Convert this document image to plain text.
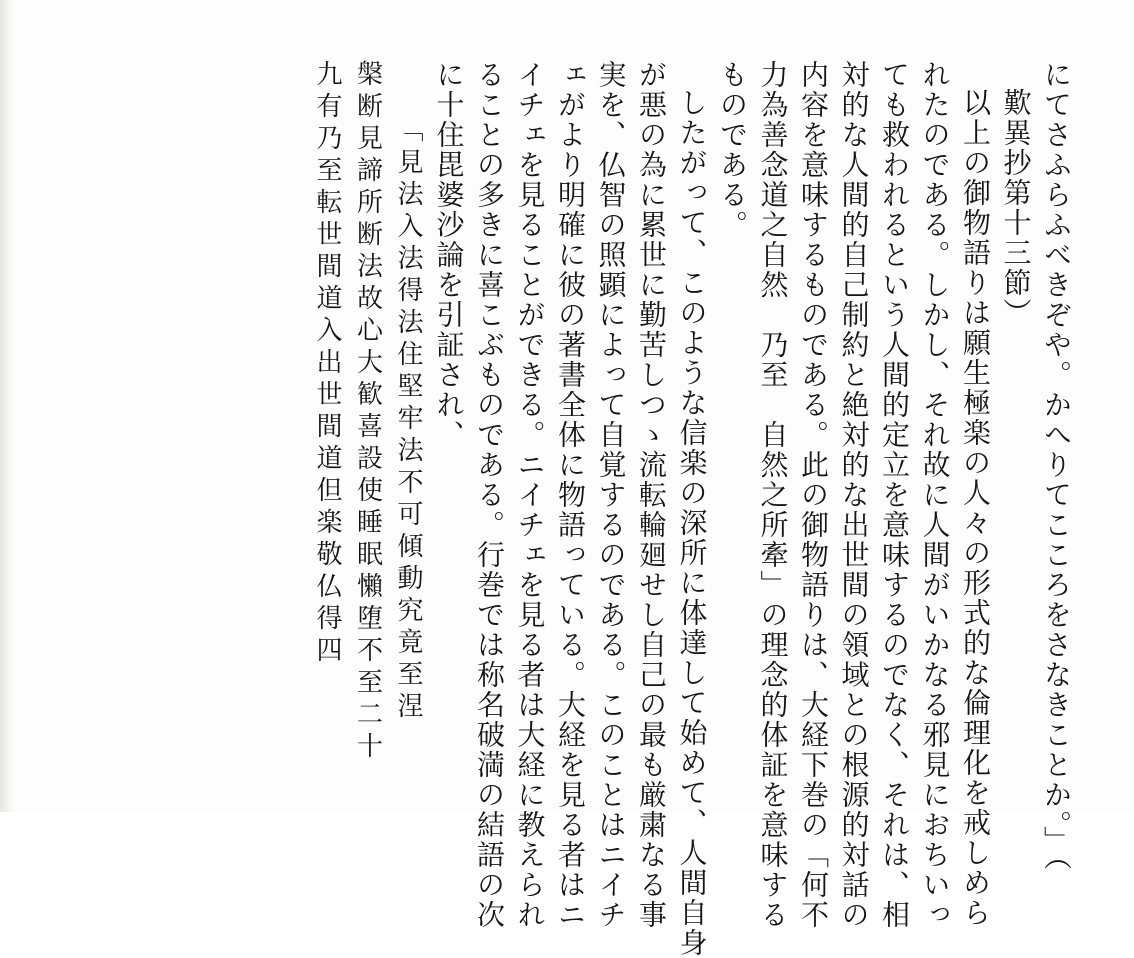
にてさふらふべきぞや。かへりてこころをさなきことか。」（
歎異抄第十三節）
以上の御物語りは願生極楽の人々の形式的な倫理化を戒しめら
れたのである。しかし、それ故に人間がいかなる邪見におちいっ
ても救われるという人間的定立を意味するのでなく、それは、相
対的な人間的自己制約と絶対的な出世間の領域との根源的対話の
内容を意味するものである。此の御物語りは、大経下巻の「何不
力為善念道之自然　乃至　自然之所牽」の理念的体証を意味する
ものである。
したがって、このような信楽の深所に体達して始めて、人間自身
が悪の為に累世に勤苦しつゝ流転輪廻せし自己の最も厳粛なる事
実を、仏智の照顕によって自覚するのである。このことはニイチ
ェがより明確に彼の著書全体に物語っている。大経を見る者はニ
イチェを見ることができる。ニイチェを見る者は大経に教えられ
ることの多きに喜こぶものである。行巻では称名破満の結語の次
に十住毘婆沙論を引証され、
「見法入法得法住堅牢法不可傾動究竟至涅
槃断見諦所断法故心大歓喜設使睡眠懶堕不至二十
九有乃至転世間道入出世間道但楽敬仏得四
